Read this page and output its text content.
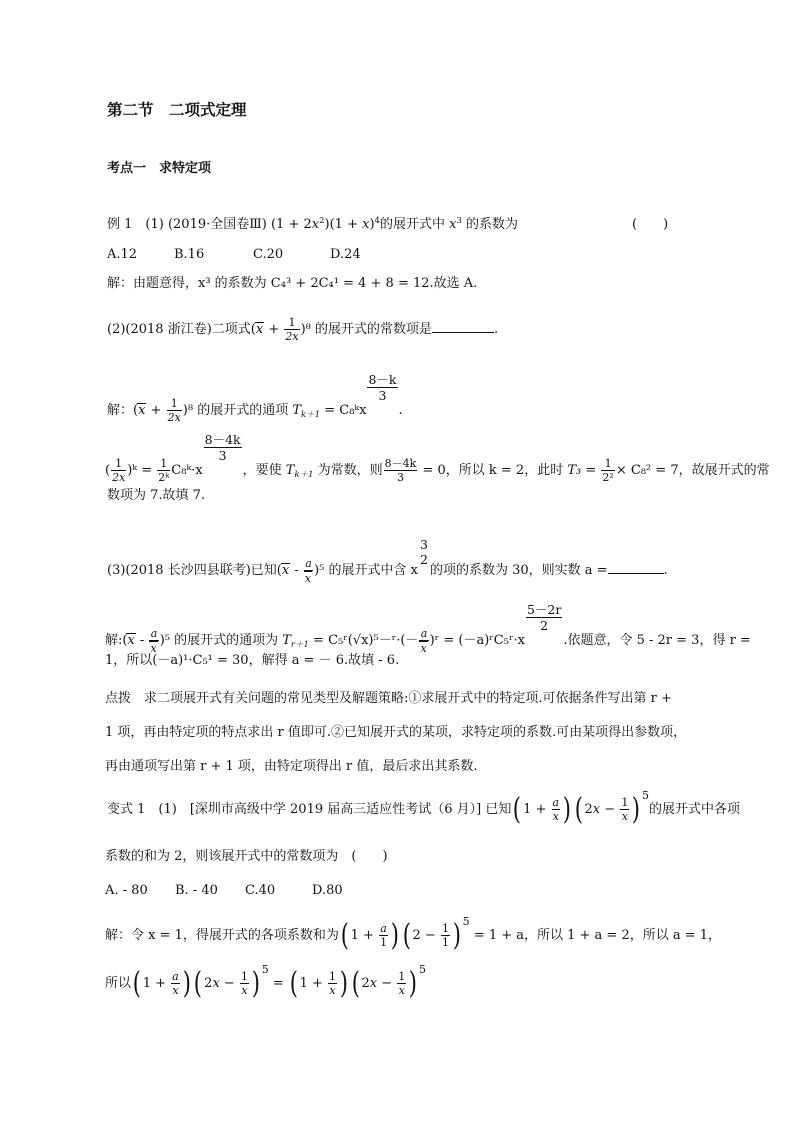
第二节　二项式定理
考点一　求特定项
例 1　(1) (2019·全国卷Ⅲ) $(1 + 2x^2)(1 + x)^4$的展开式中 $x^3$ 的系数为	(　　)
A.12	B.16	C.20	D.24
解：由题意得，x³ 的系数为 C₄³ + 2C₄¹ = 4 + 8 = 12.故选 A.
(2)(2018 浙江卷)二项式$(x + \frac{1}{2x} )^8$ 的展开式的常数项是	.
解：$(x + \frac{1}{2x} )^8$ 的展开式的通项 $T_{k+1}$ = C₈ᵏx
$\frac{8-k}{3}$
.
( $\frac{1}{2x}$ )ᵏ = $\frac{1}{\text{2ᵏ}}$ C₈ᵏ·x
$\frac{8-4k}{3}$
，要使 $T_{k+1}$ 为常数，则 $\frac{8-4k}{3} = 0$，所以 k = 2，此时 $T_3 = \frac{1}{\text{2²}} \times C_8^2 = 7$，故展开式的常
数项为 7.故填 7.
(3)(2018 长沙四县联考)已知$(x - \frac{a}{x} )^5$ 的展开式中含 x
3
2
的项的系数为 30，则实数 a =	.
解:(x - $\frac{a}{x} )^5$ 的展开式的通项为 $T_{r+1}$ = C₅ʳ(√x)⁵－ʳ·(－ $\frac{a}{x}$ )ʳ = (－a)ʳC₅ʳ·x
$\frac{5-2r}{2}$
.依题意，令 5 - 2r = 3，得 r =
1，所以(－a)¹·C₅¹ = 30，解得 a = － 6.故填 - 6.
点拨　求二项展开式有关问题的常见类型及解题策略:①求展开式中的特定项.可依据条件写出第 r +
1 项，再由特定项的特点求出 r 值即可.②已知展开式的某项，求特定项的系数.可由某项得出参数项，
再由通项写出第 r + 1 项，由特定项得出 r 值，最后求出其系数.
变式 1　(1)　[深圳市高级中学 2019 届高三适应性考试（6 月）] 已知( $1 + \frac{a}{x}$ ) ( $2x - \frac{1}{x}$ ) $^5$的展开式中各项
系数的和为 2，则该展开式中的常数项为　(　　)
A. - 80 B. - 40 C.40	D.80
解：令 x = 1，得展开式的各项系数和为( $1 + \frac{a}{1}$ ) ( $2 - \frac{1}{1}$ ) $^5$ = 1 + a，所以 1 + a = 2，所以 a = 1，
所以( $1 + \frac{a}{x}$ ) ( $2x - \frac{1}{x}$ ) $^5$ = ( $1 + \frac{1}{x}$ ) ( $2x - \frac{1}{x}$ ) $^5$
